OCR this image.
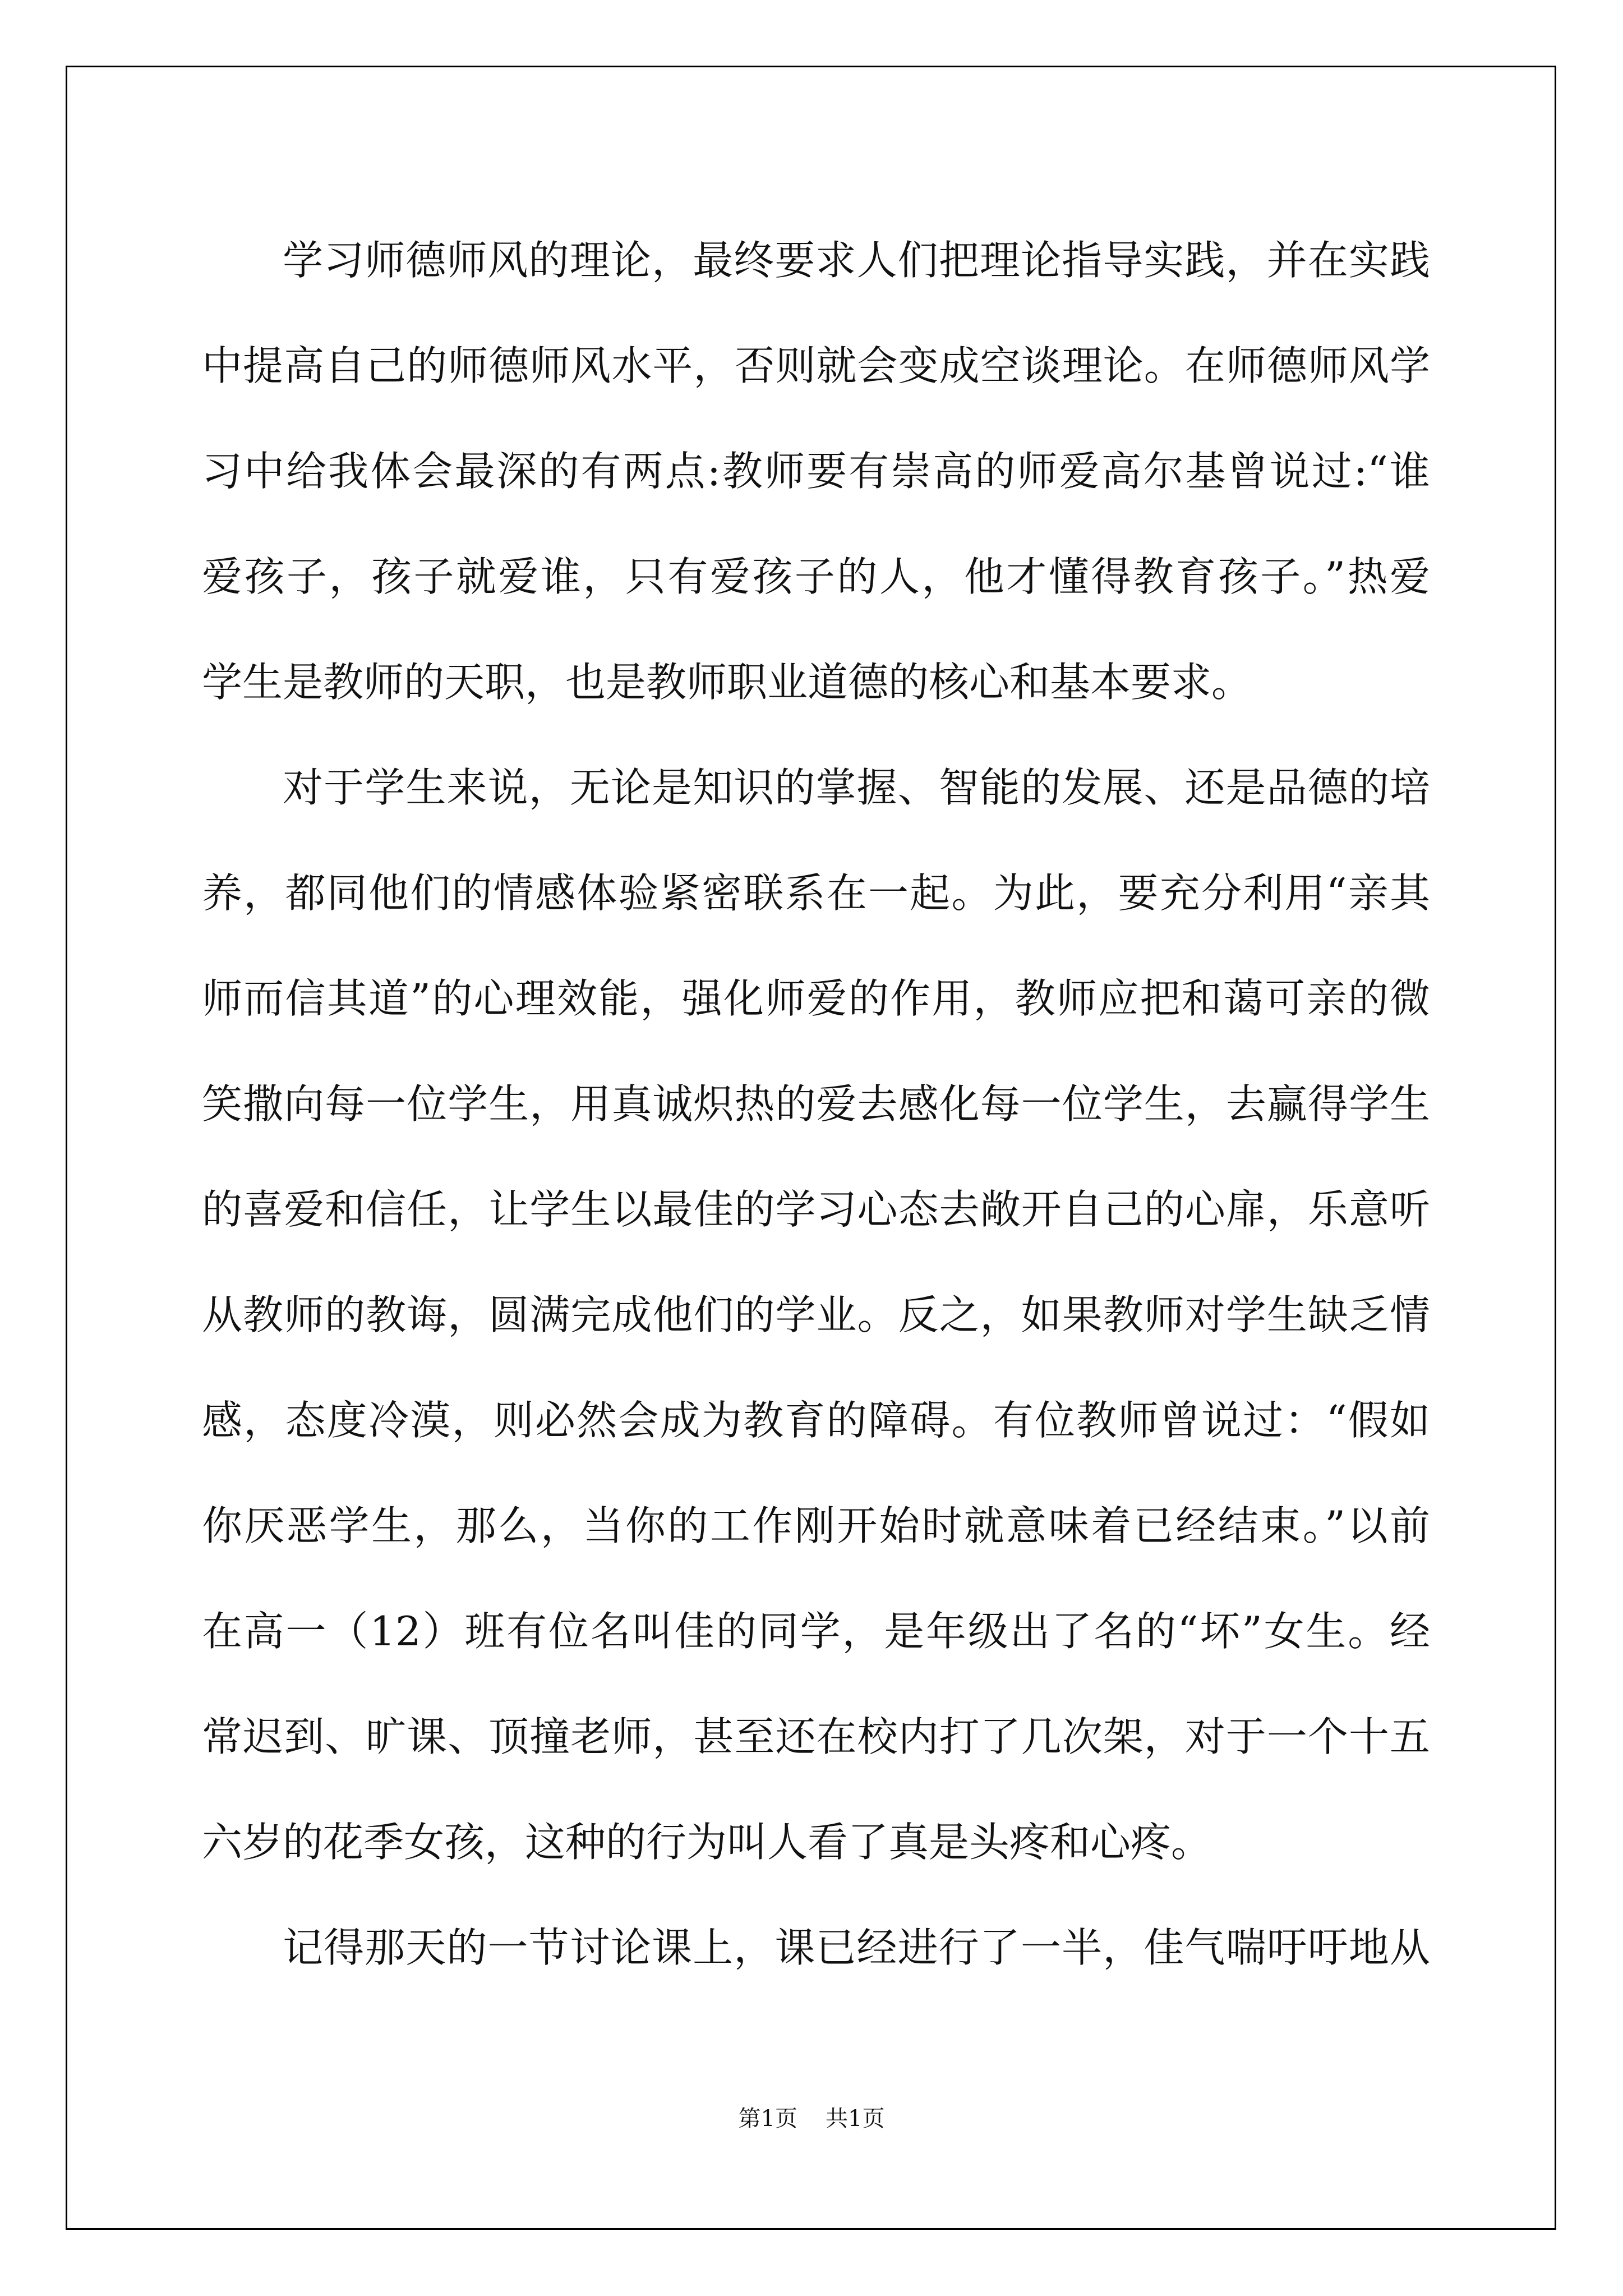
学习师德师风的理论，最终要求人们把理论指导实践，并在实践
中提高自己的师德师风水平，否则就会变成空谈理论。在师德师风学
习中给我体会最深的有两点:教师要有崇高的师爱高尔基曾说过:“谁
爱孩子，孩子就爱谁，只有爱孩子的人，他才懂得教育孩子。”热爱
学生是教师的天职，也是教师职业道德的核心和基本要求。
对于学生来说，无论是知识的掌握、智能的发展、还是品德的培
养，都同他们的情感体验紧密联系在一起。为此，要充分利用“亲其
师而信其道”的心理效能，强化师爱的作用，教师应把和蔼可亲的微
笑撒向每一位学生，用真诚炽热的爱去感化每一位学生，去赢得学生
的喜爱和信任，让学生以最佳的学习心态去敞开自己的心扉，乐意听
从教师的教诲，圆满完成他们的学业。反之，如果教师对学生缺乏情
感，态度冷漠，则必然会成为教育的障碍。有位教师曾说过：“假如
你厌恶学生，那么，当你的工作刚开始时就意味着已经结束。”以前
在高一（12）班有位名叫佳的同学，是年级出了名的“坏”女生。经
常迟到、旷课、顶撞老师，甚至还在校内打了几次架，对于一个十五
六岁的花季女孩，这种的行为叫人看了真是头疼和心疼。
记得那天的一节讨论课上，课已经进行了一半，佳气喘吁吁地从
第1页 共1页
